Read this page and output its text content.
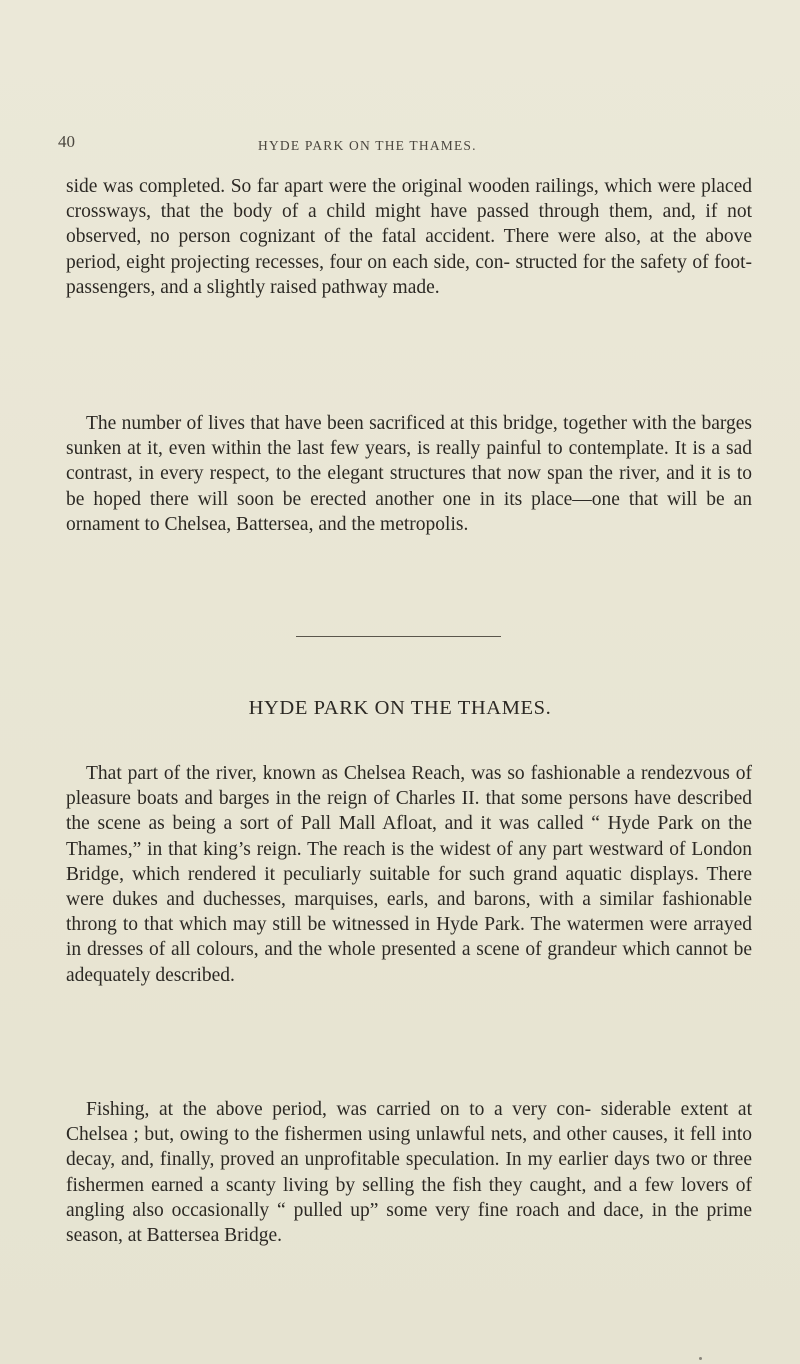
40	HYDE PARK ON THE THAMES.

side was completed. So far apart were the original wooden railings, which were placed crossways, that the body of a child might have passed through them, and, if not observed, no person cognizant of the fatal accident. There were also, at the above period, eight projecting recesses, four on each side, con- structed for the safety of foot-passengers, and a slightly raised pathway made.

The number of lives that have been sacrificed at this bridge, together with the barges sunken at it, even within the last few years, is really painful to contemplate. It is a sad contrast, in every respect, to the elegant structures that now span the river, and it is to be hoped there will soon be erected another one in its place—one that will be an ornament to Chelsea, Battersea, and the metropolis.

HYDE PARK ON THE THAMES.

That part of the river, known as Chelsea Reach, was so fashionable a rendezvous of pleasure boats and barges in the reign of Charles II. that some persons have described the scene as being a sort of Pall Mall Afloat, and it was called “ Hyde Park on the Thames,” in that king’s reign. The reach is the widest of any part westward of London Bridge, which rendered it peculiarly suitable for such grand aquatic displays. There were dukes and duchesses, marquises, earls, and barons, with a similar fashionable throng to that which may still be witnessed in Hyde Park. The watermen were arrayed in dresses of all colours, and the whole presented a scene of grandeur which cannot be adequately described.

Fishing, at the above period, was carried on to a very con- siderable extent at Chelsea ; but, owing to the fishermen using unlawful nets, and other causes, it fell into decay, and, finally, proved an unprofitable speculation. In my earlier days two or three fishermen earned a scanty living by selling the fish they caught, and a few lovers of angling also occasionally “ pulled up” some very fine roach and dace, in the prime season, at Battersea Bridge.
